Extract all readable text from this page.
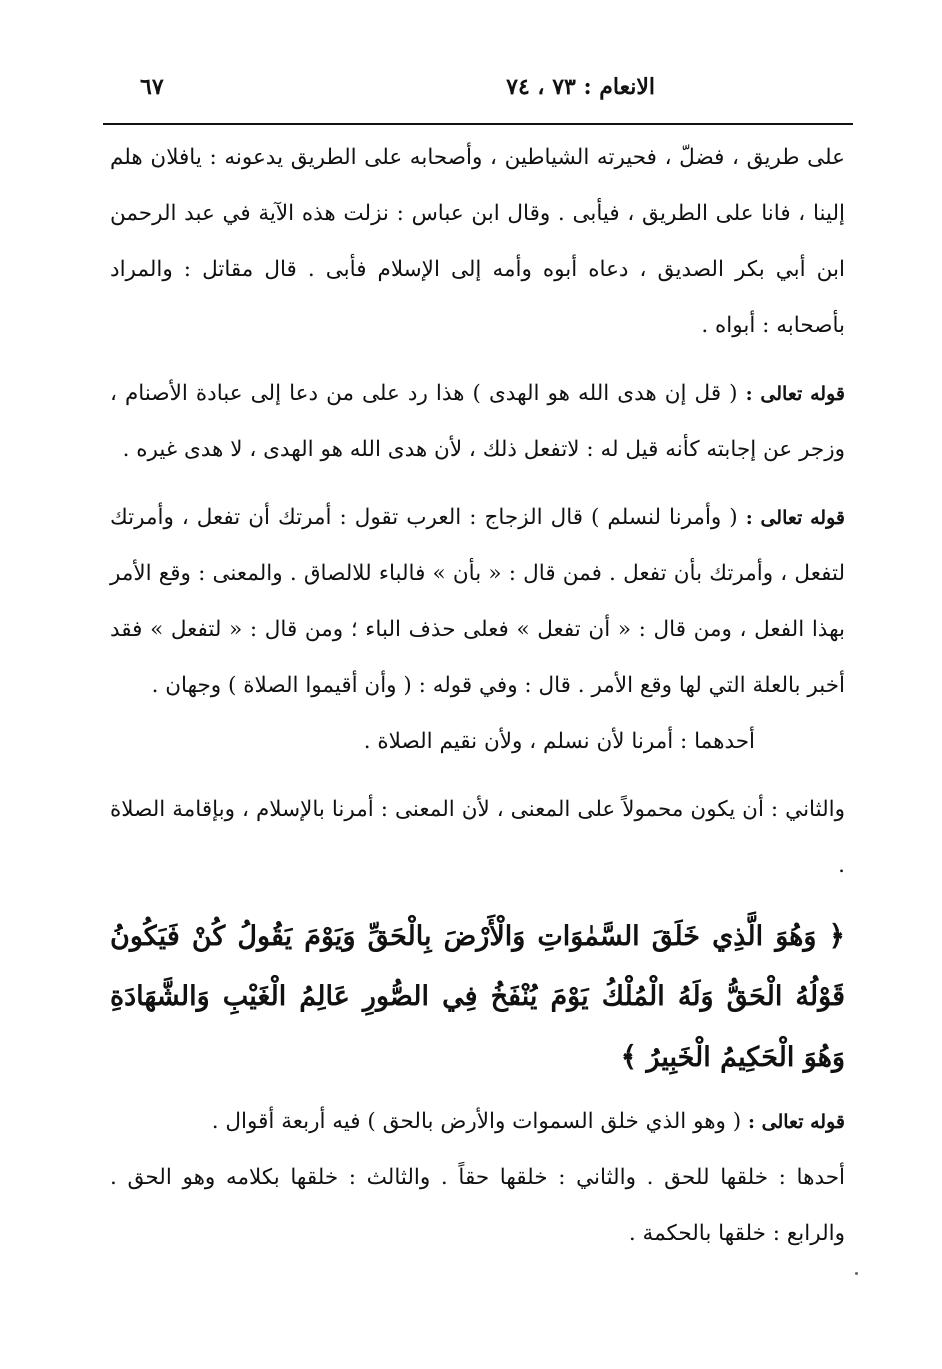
الانعام : ٧٣ ، ٧٤
٦٧

على طريق ، فضلّ ، فحيرته الشياطين ، وأصحابه على الطريق يدعونه : يافلان هلم إلينا ، فانا على الطريق ، فيأبى . وقال ابن عباس : نزلت هذه الآية في عبد الرحمن ابن أبي بكر الصديق ، دعاه أبوه وأمه إلى الإسلام فأبى . قال مقاتل : والمراد بأصحابه : أبواه .

قوله تعالى : ( قل إن هدى الله هو الهدى ) هذا رد على من دعا إلى عبادة الأصنام ، وزجر عن إجابته كأنه قيل له : لاتفعل ذلك ، لأن هدى الله هو الهدى ، لا هدى غيره .

قوله تعالى : ( وأمرنا لنسلم ) قال الزجاج : العرب تقول : أمرتك أن تفعل ، وأمرتك لتفعل ، وأمرتك بأن تفعل . فمن قال : « بأن » فالباء للالصاق . والمعنى : وقع الأمر بهذا الفعل ، ومن قال : « أن تفعل » فعلى حذف الباء ؛ ومن قال : « لتفعل » فقد أخبر بالعلة التي لها وقع الأمر . قال : وفي قوله : ( وأن أقيموا الصلاة ) وجهان .

أحدهما : أمرنا لأن نسلم ، ولأن نقيم الصلاة .

والثاني : أن يكون محمولاً على المعنى ، لأن المعنى : أمرنا بالإسلام ، وبإقامة الصلاة .

﴿ وَهُوَ الَّذِي خَلَقَ السَّمٰوَاتِ وَالْأَرْضَ بِالْحَقِّ وَيَوْمَ يَقُولُ كُنْ فَيَكُونُ قَوْلُهُ الْحَقُّ وَلَهُ الْمُلْكُ يَوْمَ يُنْفَخُ فِي الصُّورِ عَالِمُ الْغَيْبِ وَالشَّهَادَةِ وَهُوَ الْحَكِيمُ الْخَبِيرُ ﴾

قوله تعالى : ( وهو الذي خلق السموات والأرض بالحق ) فيه أربعة أقوال .

أحدها : خلقها للحق . والثاني : خلقها حقاً . والثالث : خلقها بكلامه وهو الحق . والرابع : خلقها بالحكمة .
